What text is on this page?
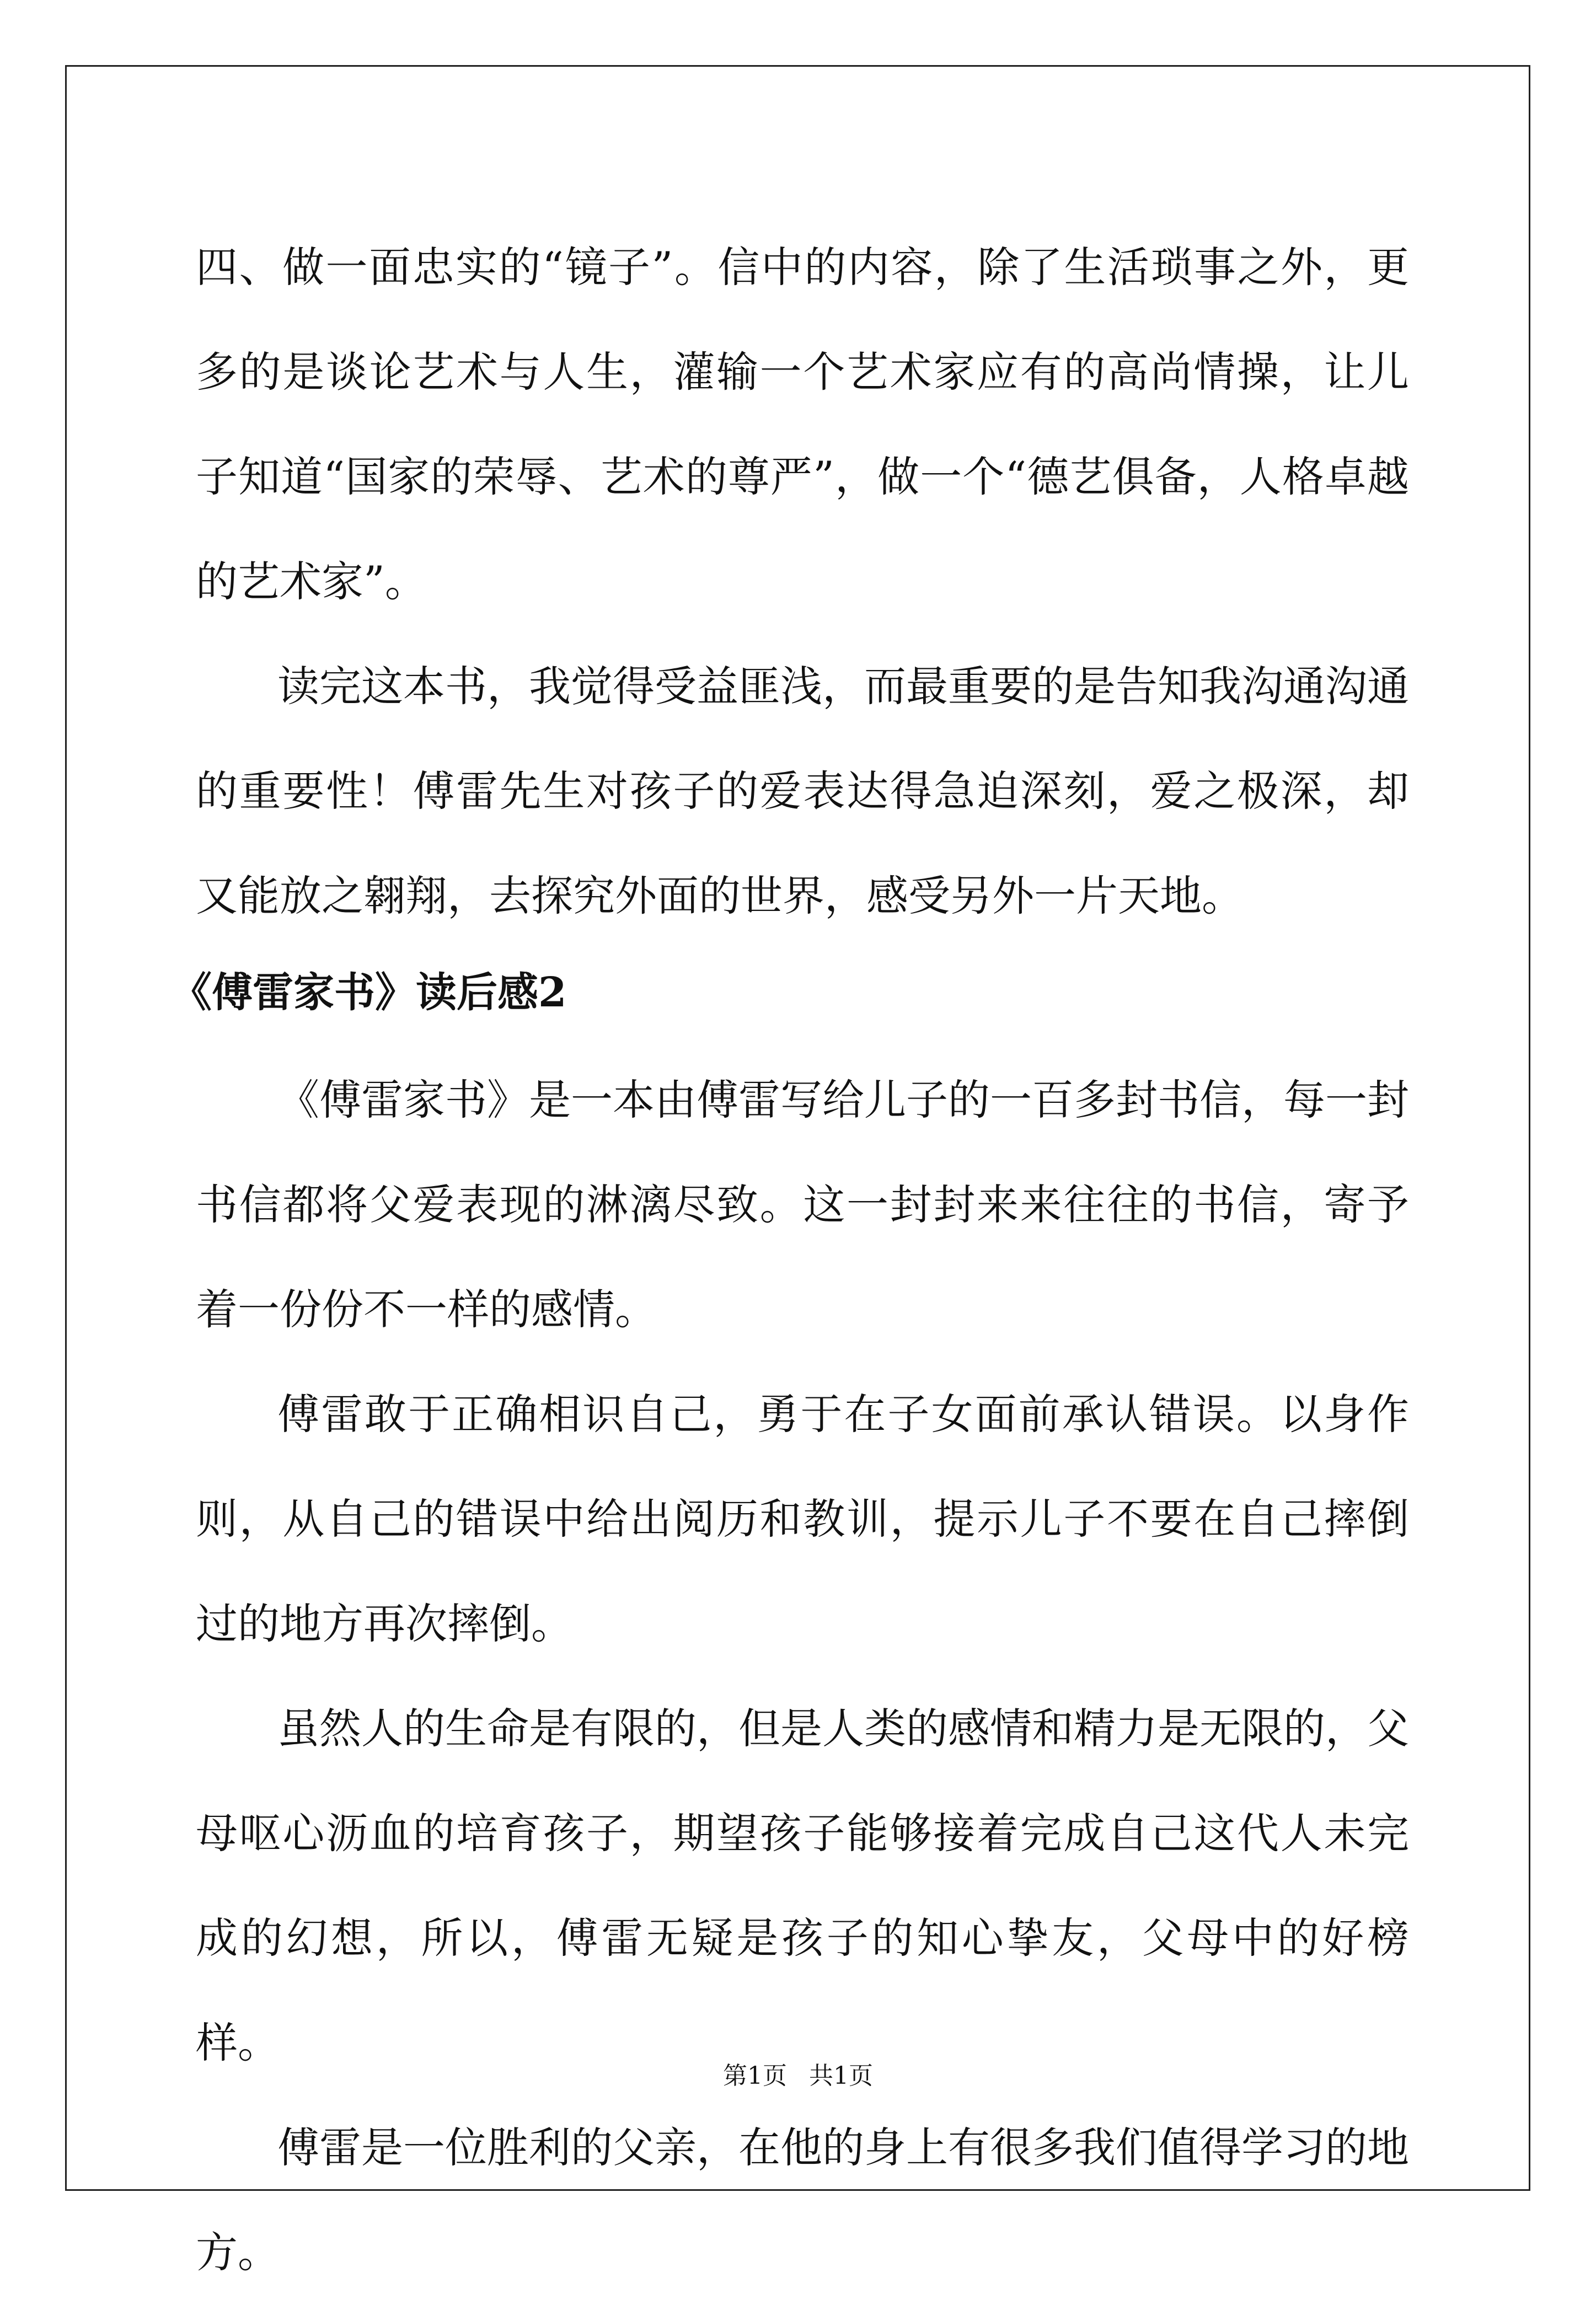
四、做一面忠实的“镜子”。信中的内容，除了生活琐事之外，更多的是谈论艺术与人生，灌输一个艺术家应有的高尚情操，让儿子知道“国家的荣辱、艺术的尊严”，做一个“德艺俱备，人格卓越的艺术家”。

读完这本书，我觉得受益匪浅，而最重要的是告知我沟通沟通的重要性！傅雷先生对孩子的爱表达得急迫深刻，爱之极深，却又能放之翱翔，去探究外面的世界，感受另外一片天地。

《傅雷家书》读后感2

《傅雷家书》是一本由傅雷写给儿子的一百多封书信，每一封书信都将父爱表现的淋漓尽致。这一封封来来往往的书信，寄予着一份份不一样的感情。

傅雷敢于正确相识自己，勇于在子女面前承认错误。以身作则，从自己的错误中给出阅历和教训，提示儿子不要在自己摔倒过的地方再次摔倒。

虽然人的生命是有限的，但是人类的感情和精力是无限的，父母呕心沥血的培育孩子，期望孩子能够接着完成自己这代人未完成的幻想，所以，傅雷无疑是孩子的知心挚友，父母中的好榜样。

傅雷是一位胜利的父亲，在他的身上有很多我们值得学习的地方。

第1页 共1页
